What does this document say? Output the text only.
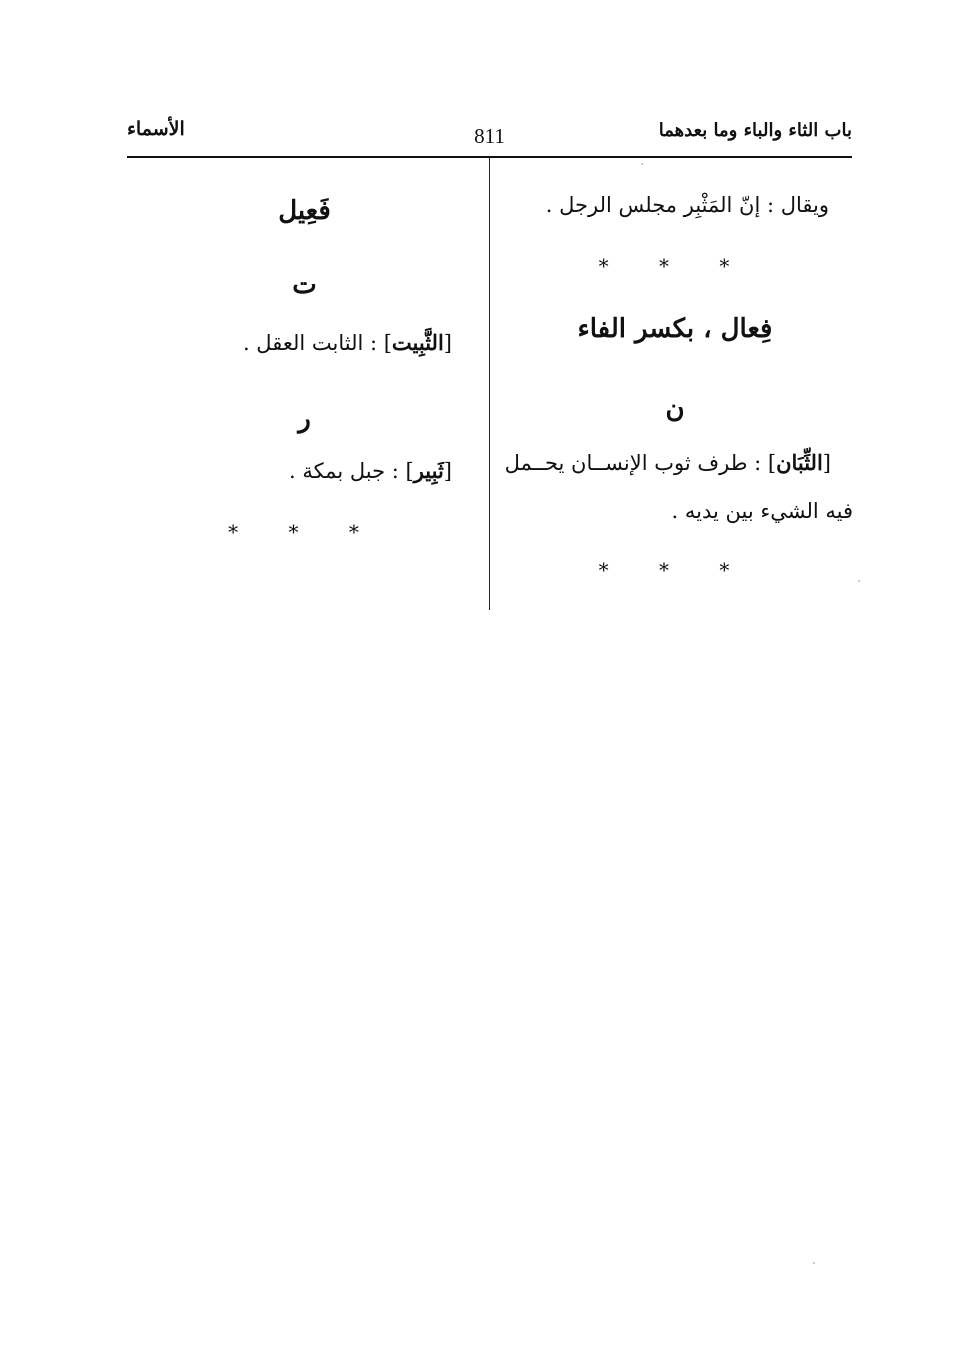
باب الثاء والباء وما بعدهما
811
الأسماء
ويقال : إنّ المَثْبِر مجلس الرجل .
* * *
فِعال ، بكسر الفاء
ن
[الثِّبَان] : طرف ثوب الإنســان يحــمل
فيه الشيء بين يديه .
* * *
فَعِيل
ت
[الثَّبِيت] : الثابت العقل .
ر
[ثَبِير] : جبل بمكة .
* * *
